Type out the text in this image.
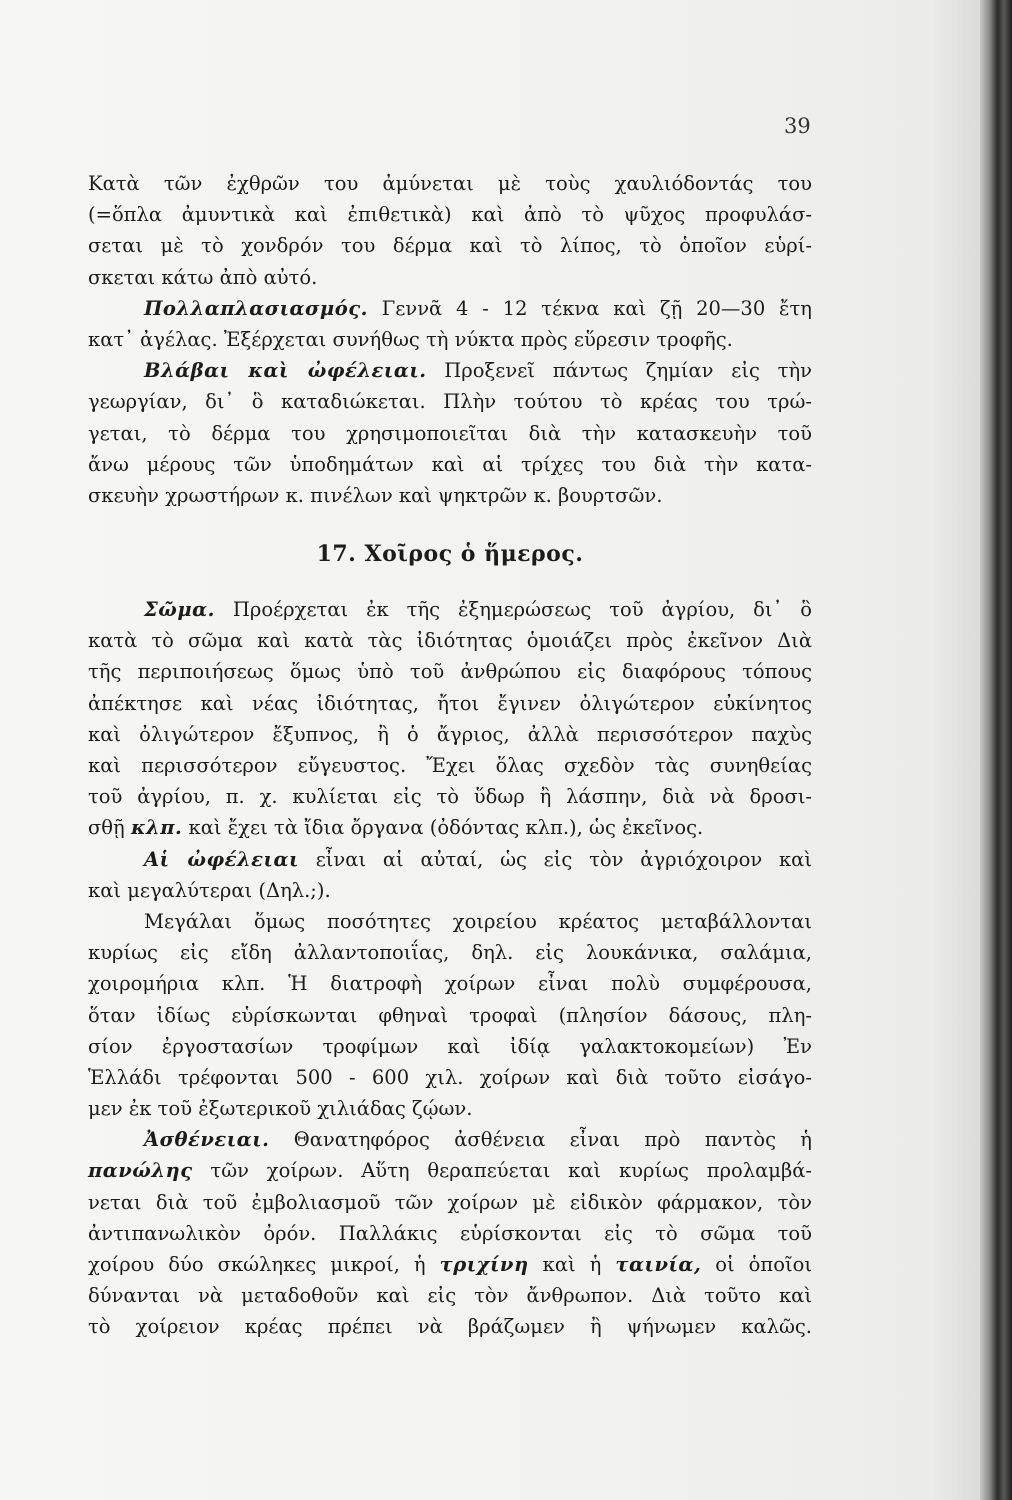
39
Κατὰ τῶν ἐχθρῶν του ἀμύνεται μὲ τοὺς χαυλιόδοντάς του
(=ὅπλα ἀμυντικὰ καὶ ἐπιθετικὰ) καὶ ἀπὸ τὸ ψῦχος προφυλάσ-
σεται μὲ τὸ χονδρόν του δέρμα καὶ τὸ λίπος, τὸ ὁποῖον εὑρί-
σκεται κάτω ἀπὸ αὐτό.
Πολλαπλασιασμός. Γεννᾶ 4 - 12 τέκνα καὶ ζῇ 20—30 ἔτη
κατ᾽ ἀγέλας. Ἐξέρχεται συνήθως τὴ νύκτα πρὸς εὕρεσιν τροφῆς.
Βλάβαι καὶ ὠφέλειαι. Προξενεῖ πάντως ζημίαν εἰς τὴν
γεωργίαν, δι᾽ ὃ καταδιώκεται. Πλὴν τούτου τὸ κρέας του τρώ-
γεται, τὸ δέρμα του χρησιμοποιεῖται διὰ τὴν κατασκευὴν τοῦ
ἄνω μέρους τῶν ὑποδημάτων καὶ αἱ τρίχες του διὰ τὴν κατα-
σκευὴν χρωστήρων κ. πινέλων καὶ ψηκτρῶν κ. βουρτσῶν.
17. Χοῖρος ὁ ἥμερος.
Σῶμα. Προέρχεται ἐκ τῆς ἐξημερώσεως τοῦ ἀγρίου, δι᾽ ὃ
κατὰ τὸ σῶμα καὶ κατὰ τὰς ἰδιότητας ὁμοιάζει πρὸς ἐκεῖνον Διὰ
τῆς περιποιήσεως ὅμως ὑπὸ τοῦ ἀνθρώπου εἰς διαφόρους τόπους
ἀπέκτησε καὶ νέας ἰδιότητας, ἤτοι ἔγινεν ὀλιγώτερον εὐκίνητος
καὶ ὀλιγώτερον ἔξυπνος, ἢ ὁ ἄγριος, ἀλλὰ περισσότερον παχὺς
καὶ περισσότερον εὔγευστος. Ἔχει ὅλας σχεδὸν τὰς συνηθείας
τοῦ ἀγρίου, π. χ. κυλίεται εἰς τὸ ὕδωρ ἢ λάσπην, διὰ νὰ δροσι-
σθῇ κλπ. καὶ ἔχει τὰ ἴδια ὄργανα (ὀδόντας κλπ.), ὡς ἐκεῖνος.
Αἱ ὠφέλειαι εἶναι αἱ αὐταί, ὡς εἰς τὸν ἀγριόχοιρον καὶ
καὶ μεγαλύτεραι (Δηλ.;).
Μεγάλαι ὅμως ποσότητες χοιρείου κρέατος μεταβάλλονται
κυρίως εἰς εἴδη ἀλλαντοποιΐας, δηλ. εἰς λουκάνικα, σαλάμια,
χοιρομήρια κλπ. Ἡ διατροφὴ χοίρων εἶναι πολὺ συμφέρουσα,
ὅταν ἰδίως εὑρίσκωνται φθηναὶ τροφαὶ (πλησίον δάσους, πλη-
σίον ἐργοστασίων τροφίμων καὶ ἰδίᾳ γαλακτοκομείων) Ἐν
Ἑλλάδι τρέφονται 500 - 600 χιλ. χοίρων καὶ διὰ τοῦτο εἰσάγο-
μεν ἐκ τοῦ ἐξωτερικοῦ χιλιάδας ζῴων.
Ἀσθένειαι. Θανατηφόρος ἀσθένεια εἶναι πρὸ παντὸς ἡ
πανώλης τῶν χοίρων. Αὕτη θεραπεύεται καὶ κυρίως προλαμβά-
νεται διὰ τοῦ ἐμβολιασμοῦ τῶν χοίρων μὲ εἰδικὸν φάρμακον, τὸν
ἀντιπανωλικὸν ὀρόν. Παλλάκις εὑρίσκονται εἰς τὸ σῶμα τοῦ
χοίρου δύο σκώληκες μικροί, ἡ τριχίνη καὶ ἡ ταινία, οἱ ὁποῖοι
δύνανται νὰ μεταδοθοῦν καὶ εἰς τὸν ἄνθρωπον. Διὰ τοῦτο καὶ
τὸ χοίρειον κρέας πρέπει νὰ βράζωμεν ἢ ψήνωμεν καλῶς.
